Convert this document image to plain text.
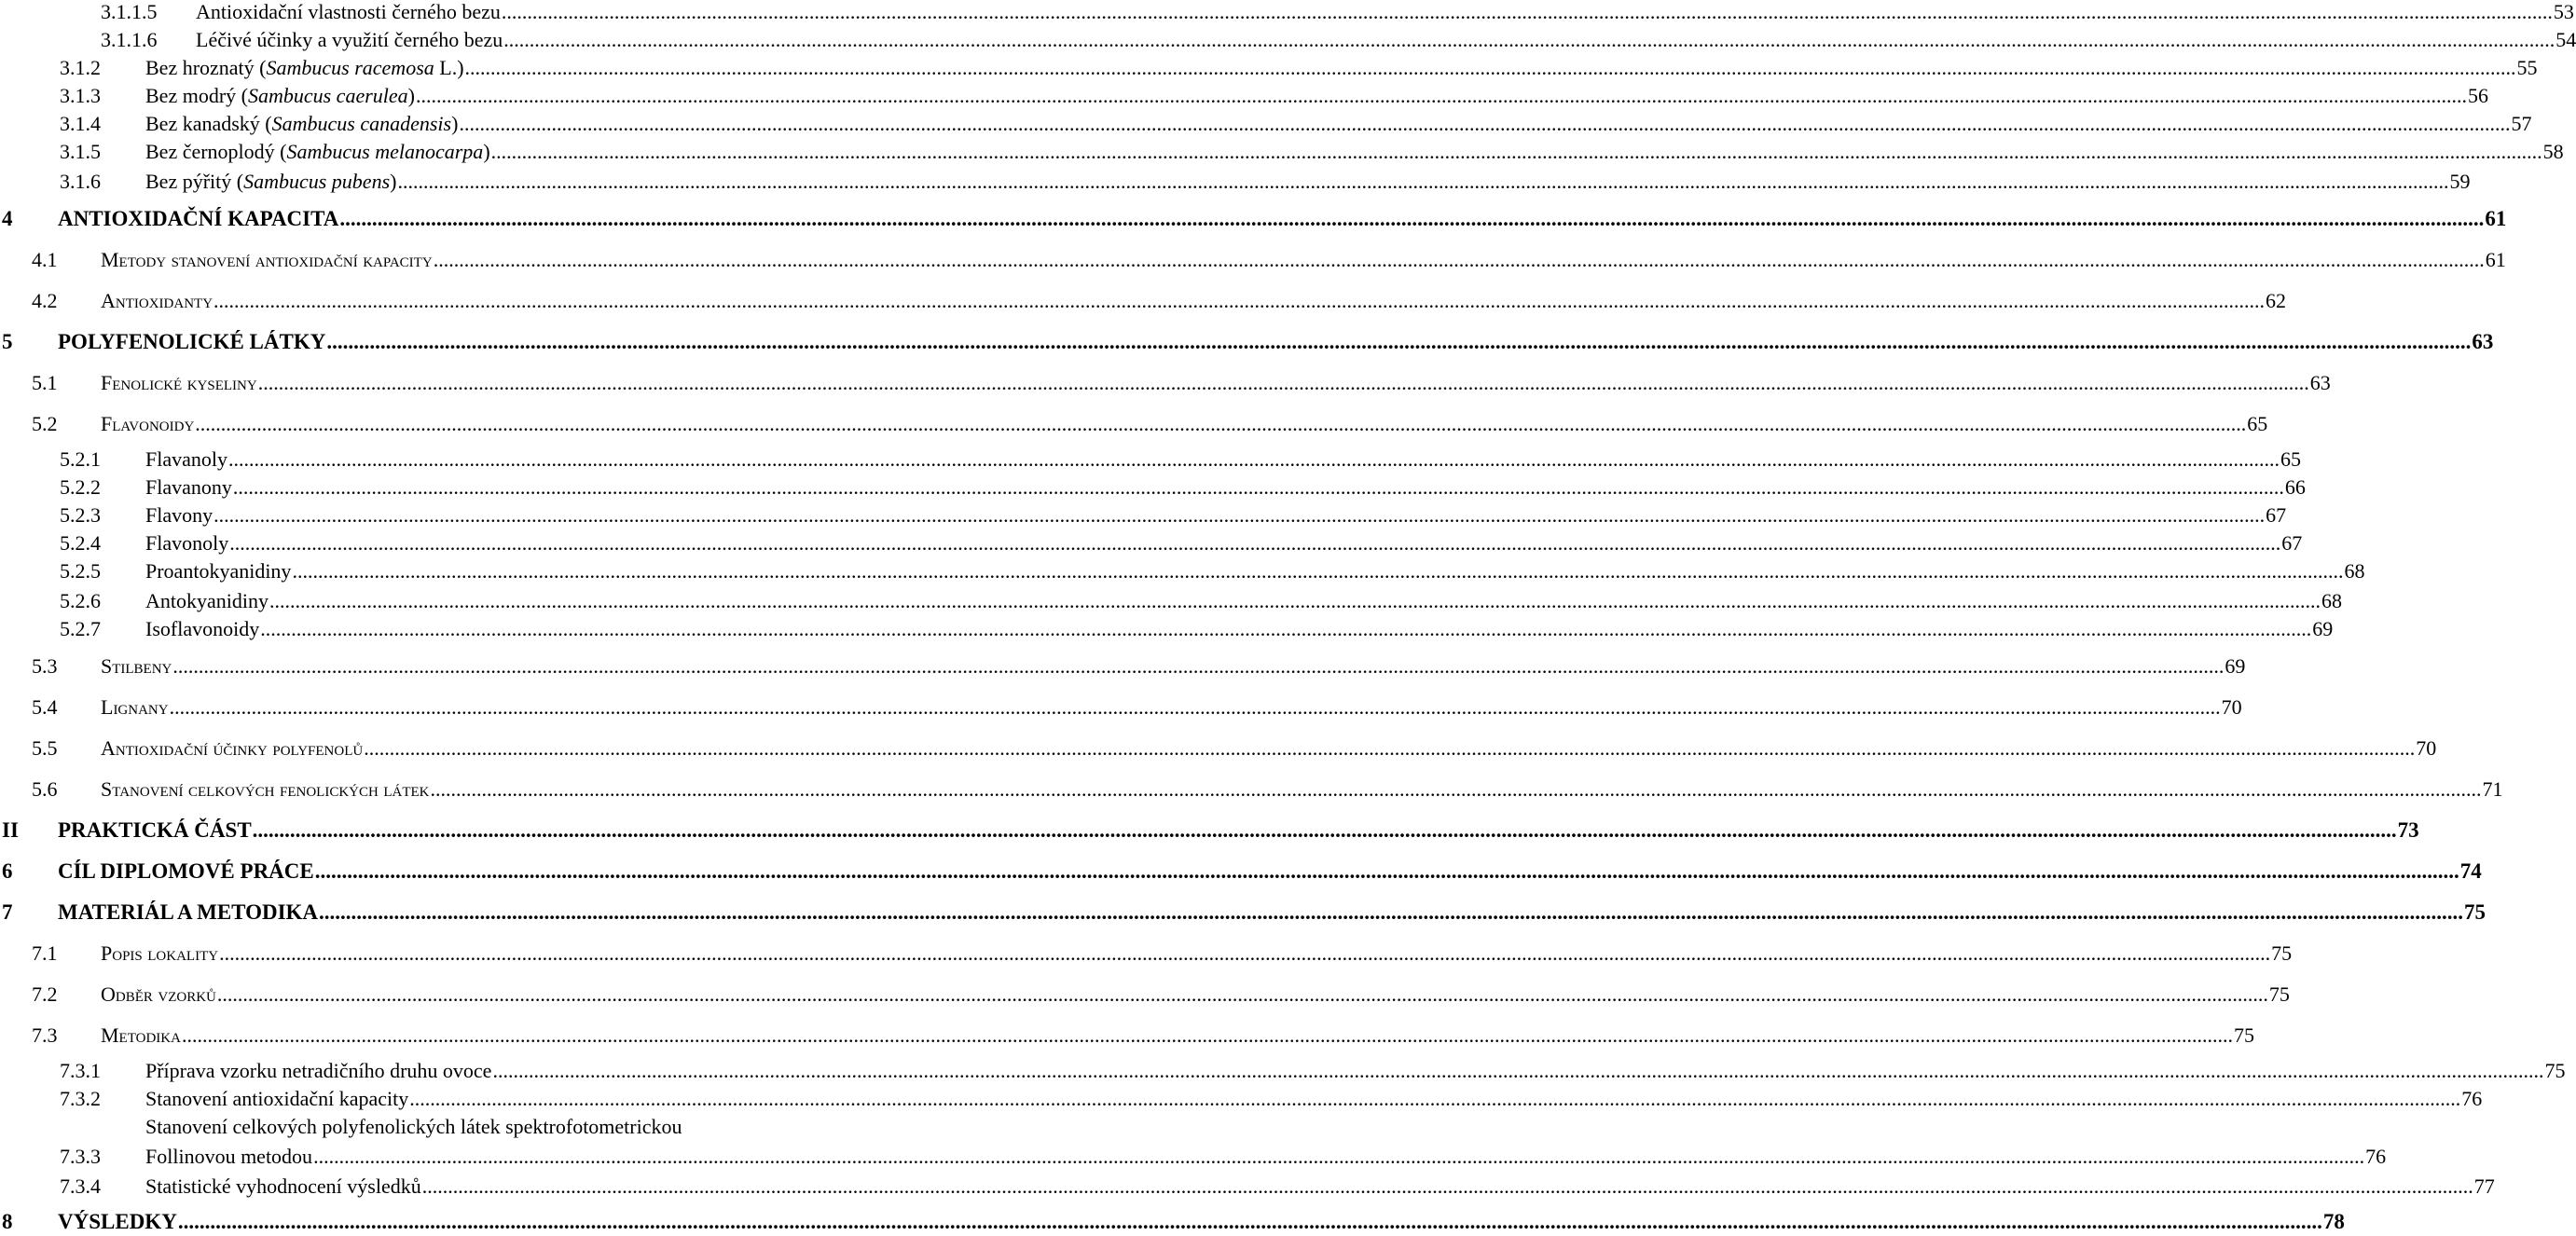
3.1.1.5 Antioxidační vlastnosti černého bezu ................................................................................................................................................................................................................................................................................................................................................................................................................ 53
3.1.1.6 Léčivé účinky a využití černého bezu ................................................................................................................................................................................................................................................................................................................................................................................................................ 54
3.1.2 Bez hroznatý (Sambucus racemosa L.) ................................................................................................................................................................................................................................................................................................................................................................................................................ 55
3.1.3 Bez modrý (Sambucus caerulea) ................................................................................................................................................................................................................................................................................................................................................................................................................ 56
3.1.4 Bez kanadský (Sambucus canadensis) ................................................................................................................................................................................................................................................................................................................................................................................................................ 57
3.1.5 Bez černoplodý (Sambucus melanocarpa) ................................................................................................................................................................................................................................................................................................................................................................................................................ 58
3.1.6 Bez pýřitý (Sambucus pubens) ................................................................................................................................................................................................................................................................................................................................................................................................................ 59
4 ANTIOXIDAČNÍ KAPACITA ................................................................................................................................................................................................................................................................................................................................................................................................................ 61
4.1 Metody stanovení antioxidační kapacity ................................................................................................................................................................................................................................................................................................................................................................................................................ 61
4.2 Antioxidanty ................................................................................................................................................................................................................................................................................................................................................................................................................ 62
5 POLYFENOLICKÉ LÁTKY ................................................................................................................................................................................................................................................................................................................................................................................................................ 63
5.1 Fenolické kyseliny ................................................................................................................................................................................................................................................................................................................................................................................................................ 63
5.2 Flavonoidy ................................................................................................................................................................................................................................................................................................................................................................................................................ 65
5.2.1 Flavanoly ................................................................................................................................................................................................................................................................................................................................................................................................................ 65
5.2.2 Flavanony ................................................................................................................................................................................................................................................................................................................................................................................................................ 66
5.2.3 Flavony ................................................................................................................................................................................................................................................................................................................................................................................................................ 67
5.2.4 Flavonoly ................................................................................................................................................................................................................................................................................................................................................................................................................ 67
5.2.5 Proantokyanidiny ................................................................................................................................................................................................................................................................................................................................................................................................................ 68
5.2.6 Antokyanidiny ................................................................................................................................................................................................................................................................................................................................................................................................................ 68
5.2.7 Isoflavonoidy ................................................................................................................................................................................................................................................................................................................................................................................................................ 69
5.3 Stilbeny ................................................................................................................................................................................................................................................................................................................................................................................................................ 69
5.4 Lignany ................................................................................................................................................................................................................................................................................................................................................................................................................ 70
5.5 Antioxidační účinky polyfenolů ................................................................................................................................................................................................................................................................................................................................................................................................................ 70
5.6 Stanovení celkových fenolických látek ................................................................................................................................................................................................................................................................................................................................................................................................................ 71
II PRAKTICKÁ ČÁST ................................................................................................................................................................................................................................................................................................................................................................................................................ 73
6 CÍL DIPLOMOVÉ PRÁCE ................................................................................................................................................................................................................................................................................................................................................................................................................ 74
7 MATERIÁL A METODIKA ................................................................................................................................................................................................................................................................................................................................................................................................................ 75
7.1 Popis lokality ................................................................................................................................................................................................................................................................................................................................................................................................................ 75
7.2 Odběr vzorků ................................................................................................................................................................................................................................................................................................................................................................................................................ 75
7.3 Metodika ................................................................................................................................................................................................................................................................................................................................................................................................................ 75
7.3.1 Příprava vzorku netradičního druhu ovoce ................................................................................................................................................................................................................................................................................................................................................................................................................ 75
7.3.2 Stanovení antioxidační kapacity ................................................................................................................................................................................................................................................................................................................................................................................................................ 76
7.3.3 Follinovou metodou ................................................................................................................................................................................................................................................................................................................................................................................................................ 76
Stanovení celkových polyfenolických látek spektrofotometrickou
7.3.4 Statistické vyhodnocení výsledků ................................................................................................................................................................................................................................................................................................................................................................................................................ 77
8 VÝSLEDKY ................................................................................................................................................................................................................................................................................................................................................................................................................ 78
